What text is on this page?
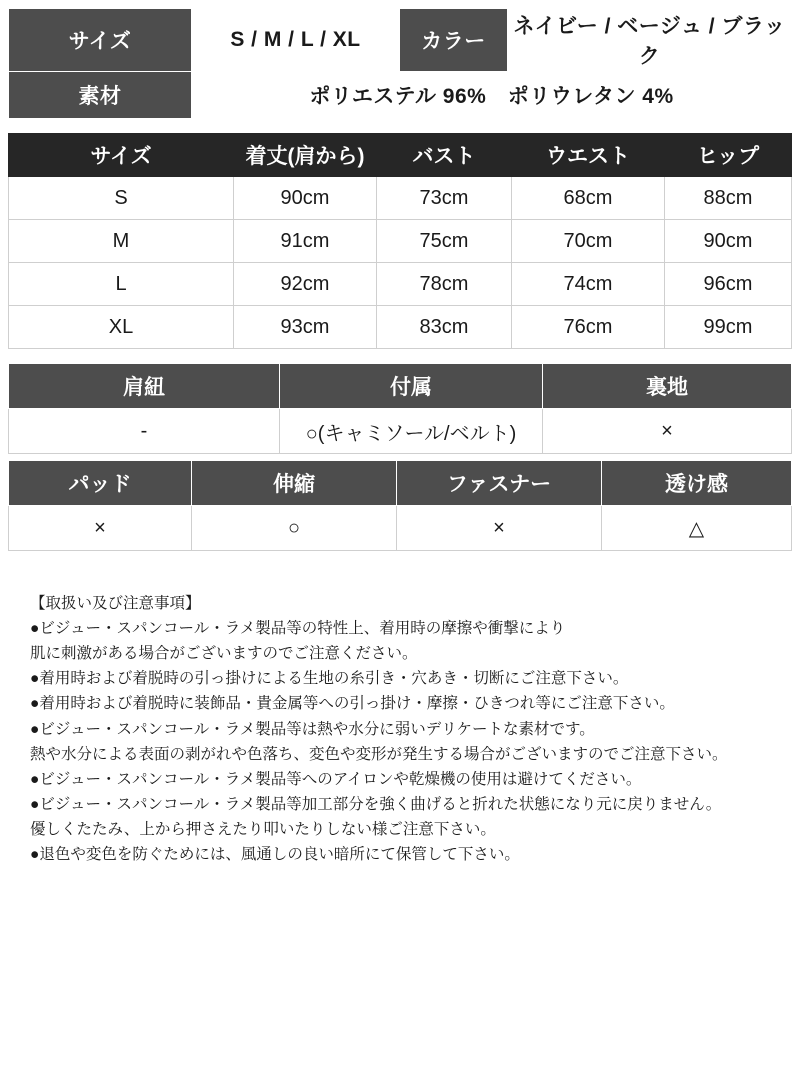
サイズ	S / M / L / XL	カラー	ネイビー / ベージュ / ブラック
素材	ポリエステル 96%　ポリウレタン 4%		
サイズ	着丈(肩から)	バスト	ウエスト	ヒップ
S	90cm	73cm	68cm	88cm
M	91cm	75cm	70cm	90cm
L	92cm	78cm	74cm	96cm
XL	93cm	83cm	76cm	99cm
肩紐	付属	裏地
-	○(キャミソール/ベルト)	×
パッド	伸縮	ファスナー	透け感
×	○	×	△
【取扱い及び注意事項】
●ビジュー・スパンコール・ラメ製品等の特性上、着用時の摩擦や衝撃により
肌に刺激がある場合がございますのでご注意ください。
●着用時および着脱時の引っ掛けによる生地の糸引き・穴あき・切断にご注意下さい。
●着用時および着脱時に装飾品・貴金属等への引っ掛け・摩擦・ひきつれ等にご注意下さい。
●ビジュー・スパンコール・ラメ製品等は熱や水分に弱いデリケートな素材です。
熱や水分による表面の剥がれや色落ち、変色や変形が発生する場合がございますのでご注意下さい。
●ビジュー・スパンコール・ラメ製品等へのアイロンや乾燥機の使用は避けてください。
●ビジュー・スパンコール・ラメ製品等加工部分を強く曲げると折れた状態になり元に戻りません。
優しくたたみ、上から押さえたり叩いたりしない様ご注意下さい。
●退色や変色を防ぐためには、風通しの良い暗所にて保管して下さい。
